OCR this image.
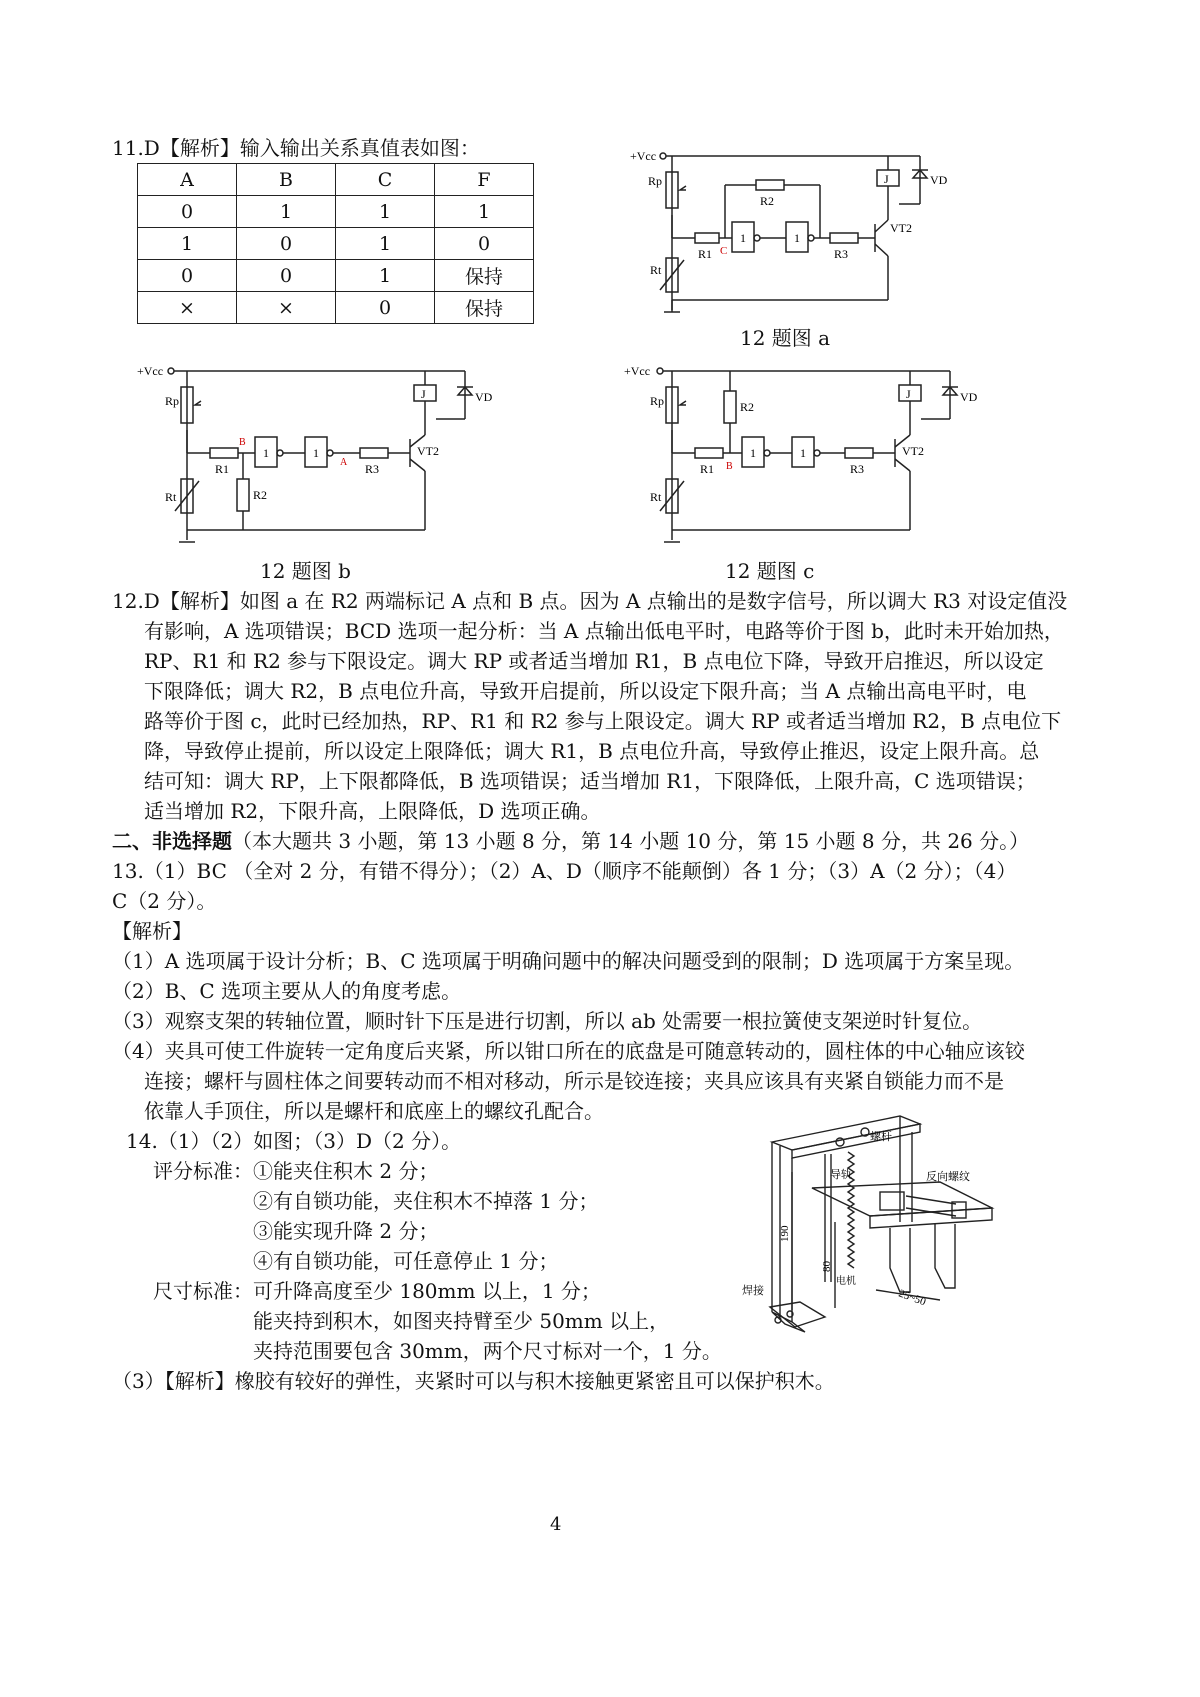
11.D【解析】输入输出关系真值表如图：
A	B	C	F
0	1	1	1
1	0	1	0
0	0	1	保持
×	×	0	保持
+Vcc
Rp
Rt
R1
R2
R3
1	1
J	VD
VT2
C
12 题图 a
+Vcc
Rp
Rt
R1
R2
R3
1	1
J	VD
VT2
B
A
12 题图 b
+Vcc
Rp
Rt
R1
R2
R3
1	1
J	VD
VT2
B
12 题图 c
12.D【解析】如图 a 在 R2 两端标记 A 点和 B 点。因为 A 点输出的是数字信号，所以调大 R3 对设定值没
有影响，A 选项错误；BCD 选项一起分析：当 A 点输出低电平时，电路等价于图 b，此时未开始加热，
RP、R1 和 R2 参与下限设定。调大 RP 或者适当增加 R1，B 点电位下降，导致开启推迟，所以设定
下限降低；调大 R2，B 点电位升高，导致开启提前，所以设定下限升高；当 A 点输出高电平时，电
路等价于图 c，此时已经加热，RP、R1 和 R2 参与上限设定。调大 RP 或者适当增加 R2，B 点电位下
降，导致停止提前，所以设定上限降低；调大 R1，B 点电位升高，导致停止推迟，设定上限升高。总
结可知：调大 RP，上下限都降低，B 选项错误；适当增加 R1，下限降低，上限升高，C 选项错误；
适当增加 R2，下限升高，上限降低，D 选项正确。
二、非选择题（本大题共 3 小题，第 13 小题 8 分，第 14 小题 10 分，第 15 小题 8 分，共 26 分。）
13.（1）BC （全对 2 分，有错不得分）；（2）A、D（顺序不能颠倒）各 1 分；（3）A（2 分）；（4）
C（2 分）。
【解析】
（1）A 选项属于设计分析；B、C 选项属于明确问题中的解决问题受到的限制；D 选项属于方案呈现。
（2）B、C 选项主要从人的角度考虑。
（3）观察支架的转轴位置，顺时针下压是进行切割，所以 ab 处需要一根拉簧使支架逆时针复位。
（4）夹具可使工件旋转一定角度后夹紧，所以钳口所在的底盘是可随意转动的，圆柱体的中心轴应该铰
连接；螺杆与圆柱体之间要转动而不相对移动，所示是铰连接；夹具应该具有夹紧自锁能力而不是
依靠人手顶住，所以是螺杆和底座上的螺纹孔配合。
14.（1）（2）如图；（3）D（2 分）。
评分标准： ①能夹住积木 2 分；
②有自锁功能，夹住积木不掉落 1 分；
③能实现升降 2 分；
④有自锁功能，可任意停止 1 分；
尺寸标准： 可升降高度至少 180mm 以上，1 分；
能夹持到积木，如图夹持臂至少 50mm 以上，
夹持范围要包含 30mm，两个尺寸标对一个，1 分。
（3）【解析】橡胶有较好的弹性，夹紧时可以与积木接触更紧密且可以保护积木。
螺杆
导轨	反向螺纹
190
80
25~50
焊接
电机
4
